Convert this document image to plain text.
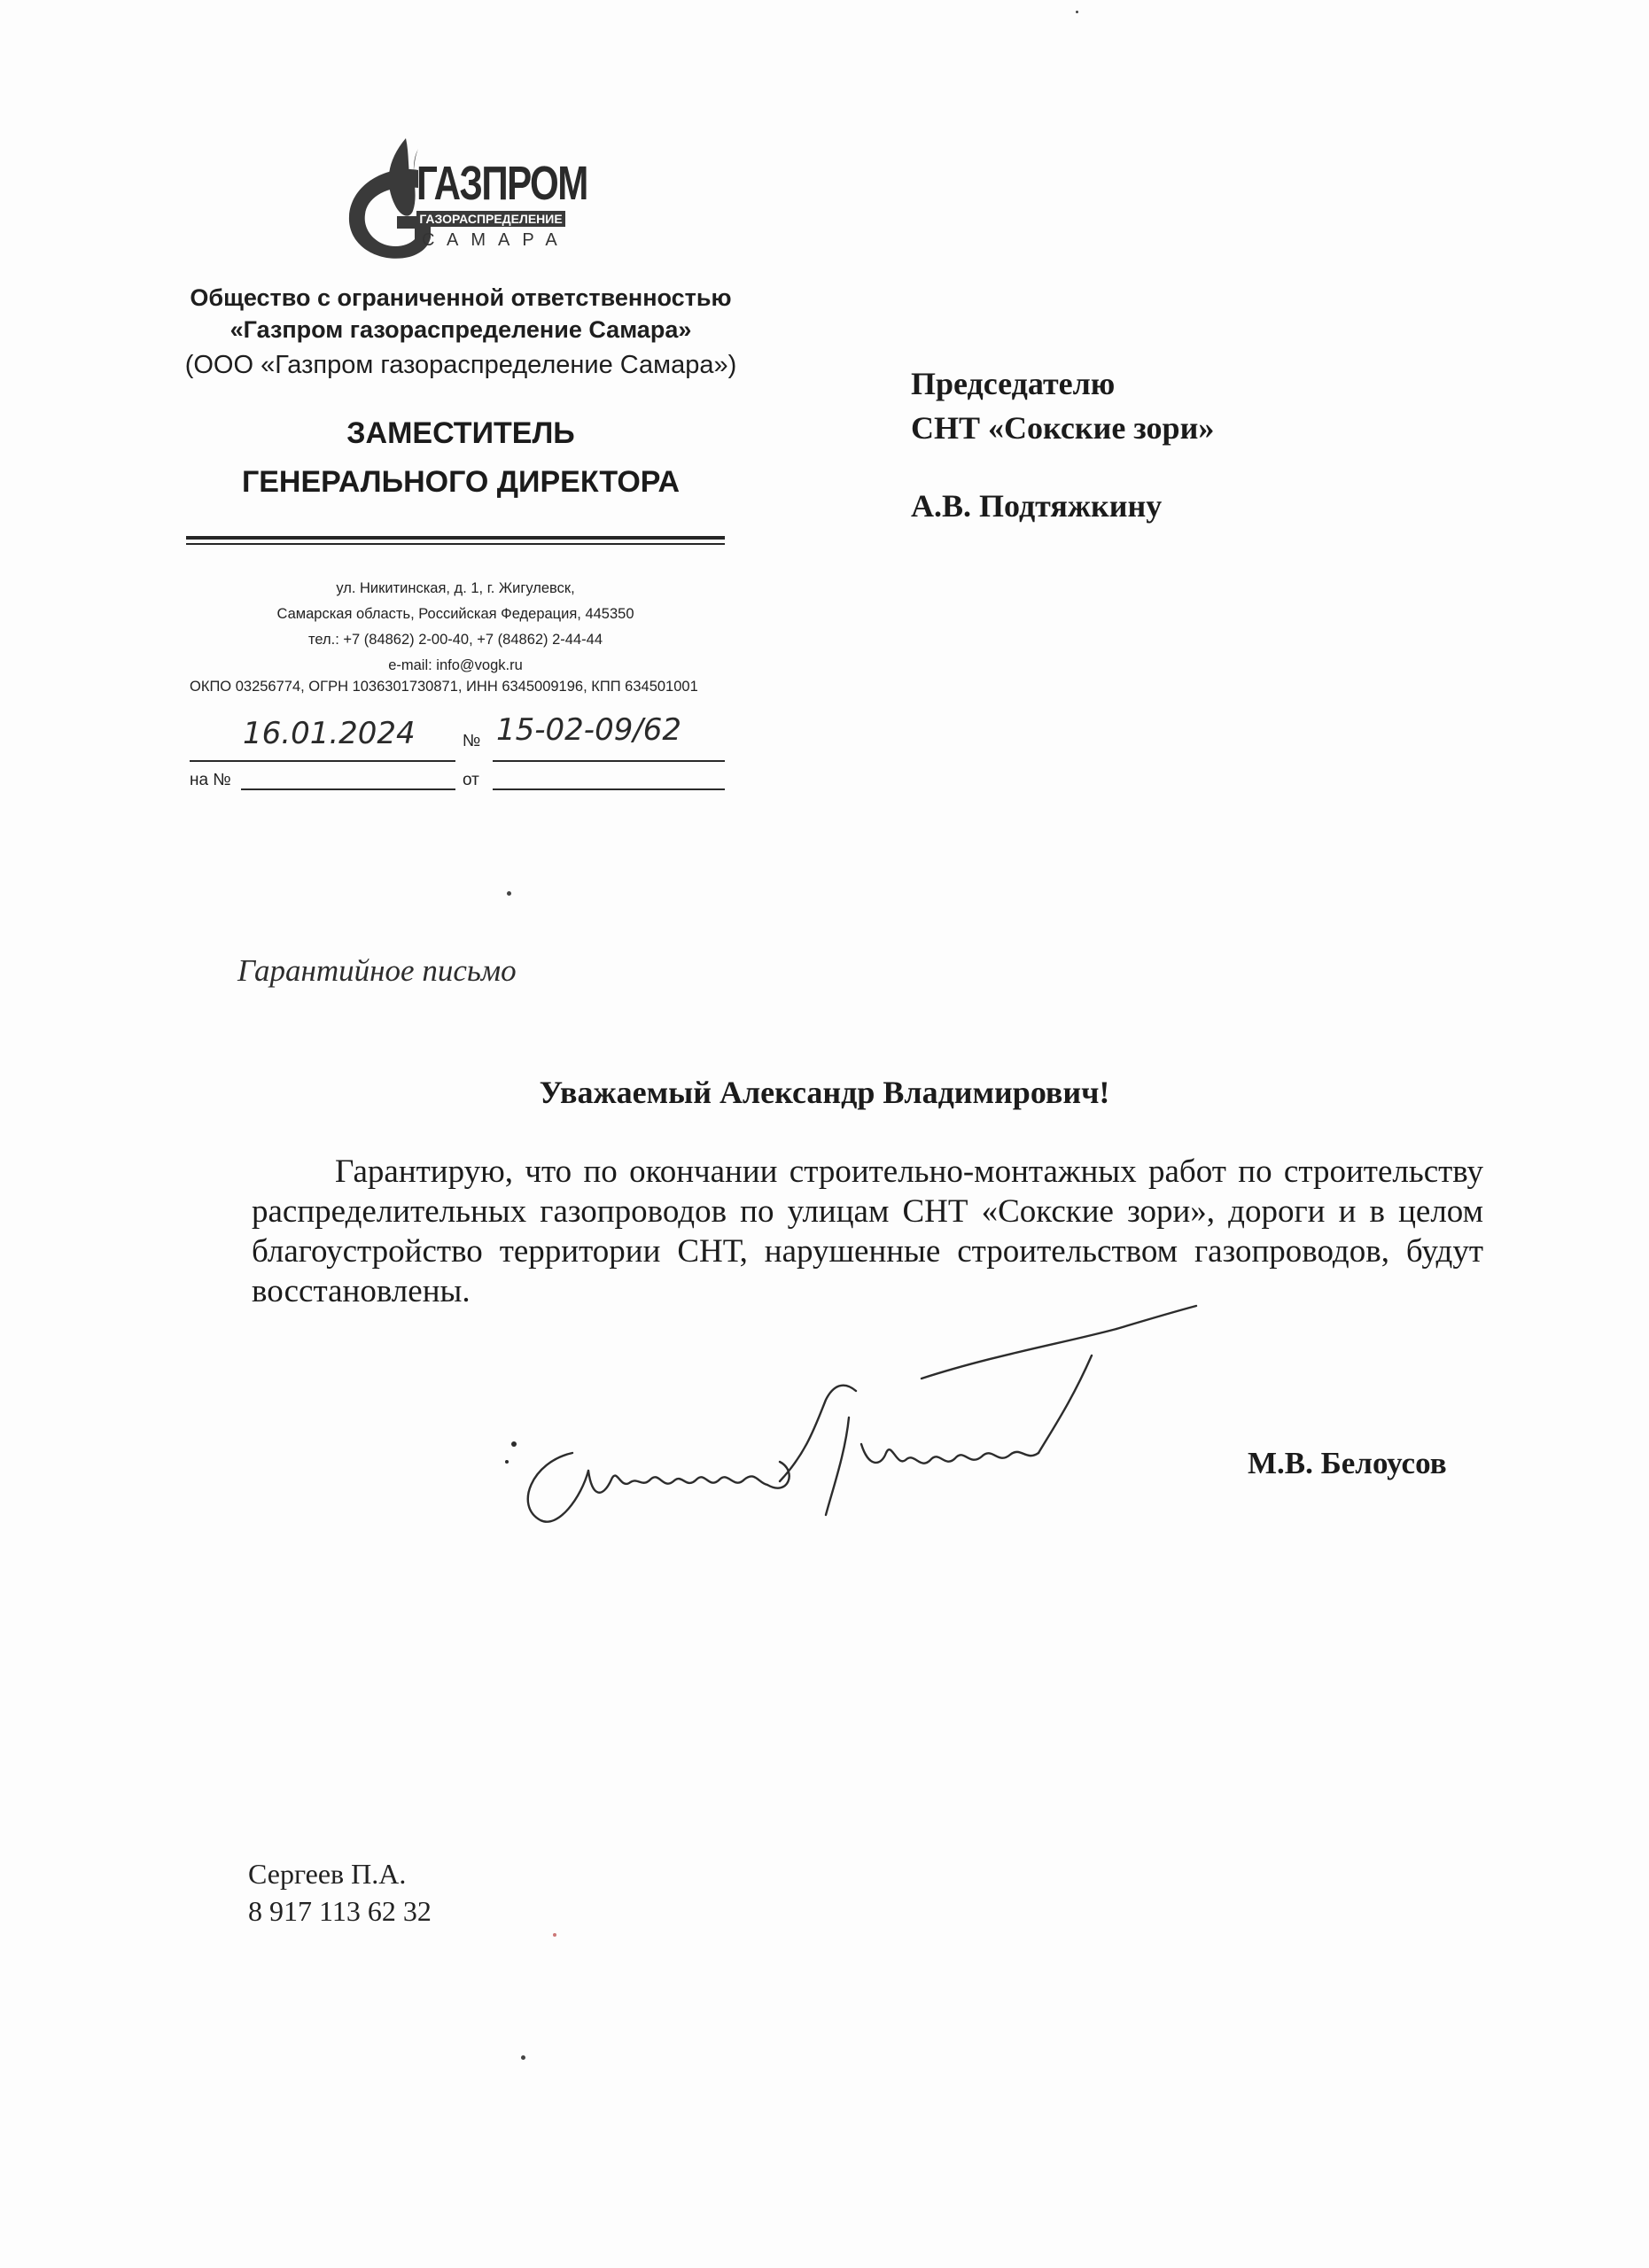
ГАЗПРОМ
ГАЗОРАСПРЕДЕЛЕНИЕ
САМАРА
Общество с ограниченной ответственностью
«Газпром газораспределение Самара»
(ООО «Газпром газораспределение Самара»)
ЗАМЕСТИТЕЛЬ
ГЕНЕРАЛЬНОГО ДИРЕКТОРА
ул. Никитинская, д. 1, г. Жигулевск,
Самарская область, Российская Федерация, 445350
тел.: +7 (84862) 2-00-40, +7 (84862) 2-44-44
e-mail: info@vogk.ru
ОКПО 03256774, ОГРН 1036301730871, ИНН 6345009196, КПП 634501001
16.01.2024	№ 15-02-09/62
на №	от
Председателю
СНТ «Сокские зори»
А.В. Подтяжкину
Гарантийное письмо
Уважаемый Александр Владимирович!
Гарантирую, что по окончании строительно-монтажных работ по строительству распределительных газопроводов по улицам СНТ «Сокские зори», дороги и в целом благоустройство территории СНТ, нарушенные строительством газопроводов, будут восстановлены.
М.В. Белоусов
Сергеев П.А.
8 917 113 62 32
